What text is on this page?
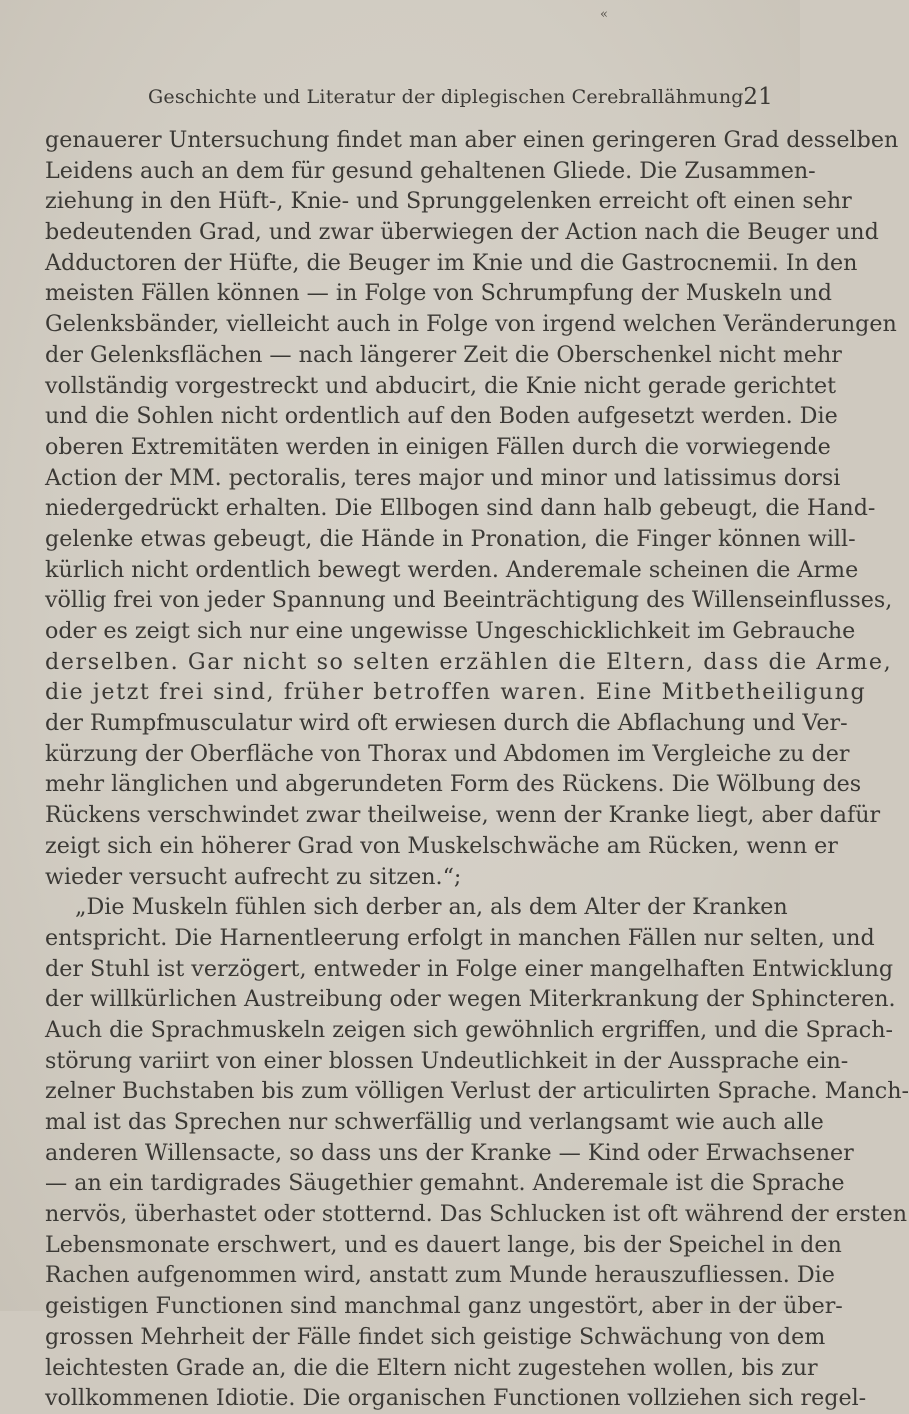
«
Geschichte und Literatur der diplegischen Cerebrallähmung.
21
genauerer Untersuchung findet man aber einen geringeren Grad desselben
Leidens auch an dem für gesund gehaltenen Gliede. Die Zusammen-
ziehung in den Hüft-, Knie- und Sprunggelenken erreicht oft einen sehr
bedeutenden Grad, und zwar überwiegen der Action nach die Beuger und
Adductoren der Hüfte, die Beuger im Knie und die Gastrocnemii. In den
meisten Fällen können — in Folge von Schrumpfung der Muskeln und
Gelenksbänder, vielleicht auch in Folge von irgend welchen Veränderungen
der Gelenksflächen — nach längerer Zeit die Oberschenkel nicht mehr
vollständig vorgestreckt und abducirt, die Knie nicht gerade gerichtet
und die Sohlen nicht ordentlich auf den Boden aufgesetzt werden. Die
oberen Extremitäten werden in einigen Fällen durch die vorwiegende
Action der MM. pectoralis, teres major und minor und latissimus dorsi
niedergedrückt erhalten. Die Ellbogen sind dann halb gebeugt, die Hand-
gelenke etwas gebeugt, die Hände in Pronation, die Finger können will-
kürlich nicht ordentlich bewegt werden. Anderemale scheinen die Arme
völlig frei von jeder Spannung und Beeinträchtigung des Willenseinflusses,
oder es zeigt sich nur eine ungewisse Ungeschicklichkeit im Gebrauche
derselben. Gar nicht so selten erzählen die Eltern, dass die Arme,
die jetzt frei sind, früher betroffen waren. Eine Mitbetheiligung
der Rumpfmusculatur wird oft erwiesen durch die Abflachung und Ver-
kürzung der Oberfläche von Thorax und Abdomen im Vergleiche zu der
mehr länglichen und abgerundeten Form des Rückens. Die Wölbung des
Rückens verschwindet zwar theilweise, wenn der Kranke liegt, aber dafür
zeigt sich ein höherer Grad von Muskelschwäche am Rücken, wenn er
wieder versucht aufrecht zu sitzen.“;
„Die Muskeln fühlen sich derber an, als dem Alter der Kranken
entspricht. Die Harnentleerung erfolgt in manchen Fällen nur selten, und
der Stuhl ist verzögert, entweder in Folge einer mangelhaften Entwicklung
der willkürlichen Austreibung oder wegen Miterkrankung der Sphincteren.
Auch die Sprachmuskeln zeigen sich gewöhnlich ergriffen, und die Sprach-
störung variirt von einer blossen Undeutlichkeit in der Aussprache ein-
zelner Buchstaben bis zum völligen Verlust der articulirten Sprache. Manch-
mal ist das Sprechen nur schwerfällig und verlangsamt wie auch alle
anderen Willensacte, so dass uns der Kranke — Kind oder Erwachsener
— an ein tardigrades Säugethier gemahnt. Anderemale ist die Sprache
nervös, überhastet oder stotternd. Das Schlucken ist oft während der ersten
Lebensmonate erschwert, und es dauert lange, bis der Speichel in den
Rachen aufgenommen wird, anstatt zum Munde herauszufliessen. Die
geistigen Functionen sind manchmal ganz ungestört, aber in der über-
grossen Mehrheit der Fälle findet sich geistige Schwächung von dem
leichtesten Grade an, die die Eltern nicht zugestehen wollen, bis zur
vollkommenen Idiotie. Die organischen Functionen vollziehen sich regel-
